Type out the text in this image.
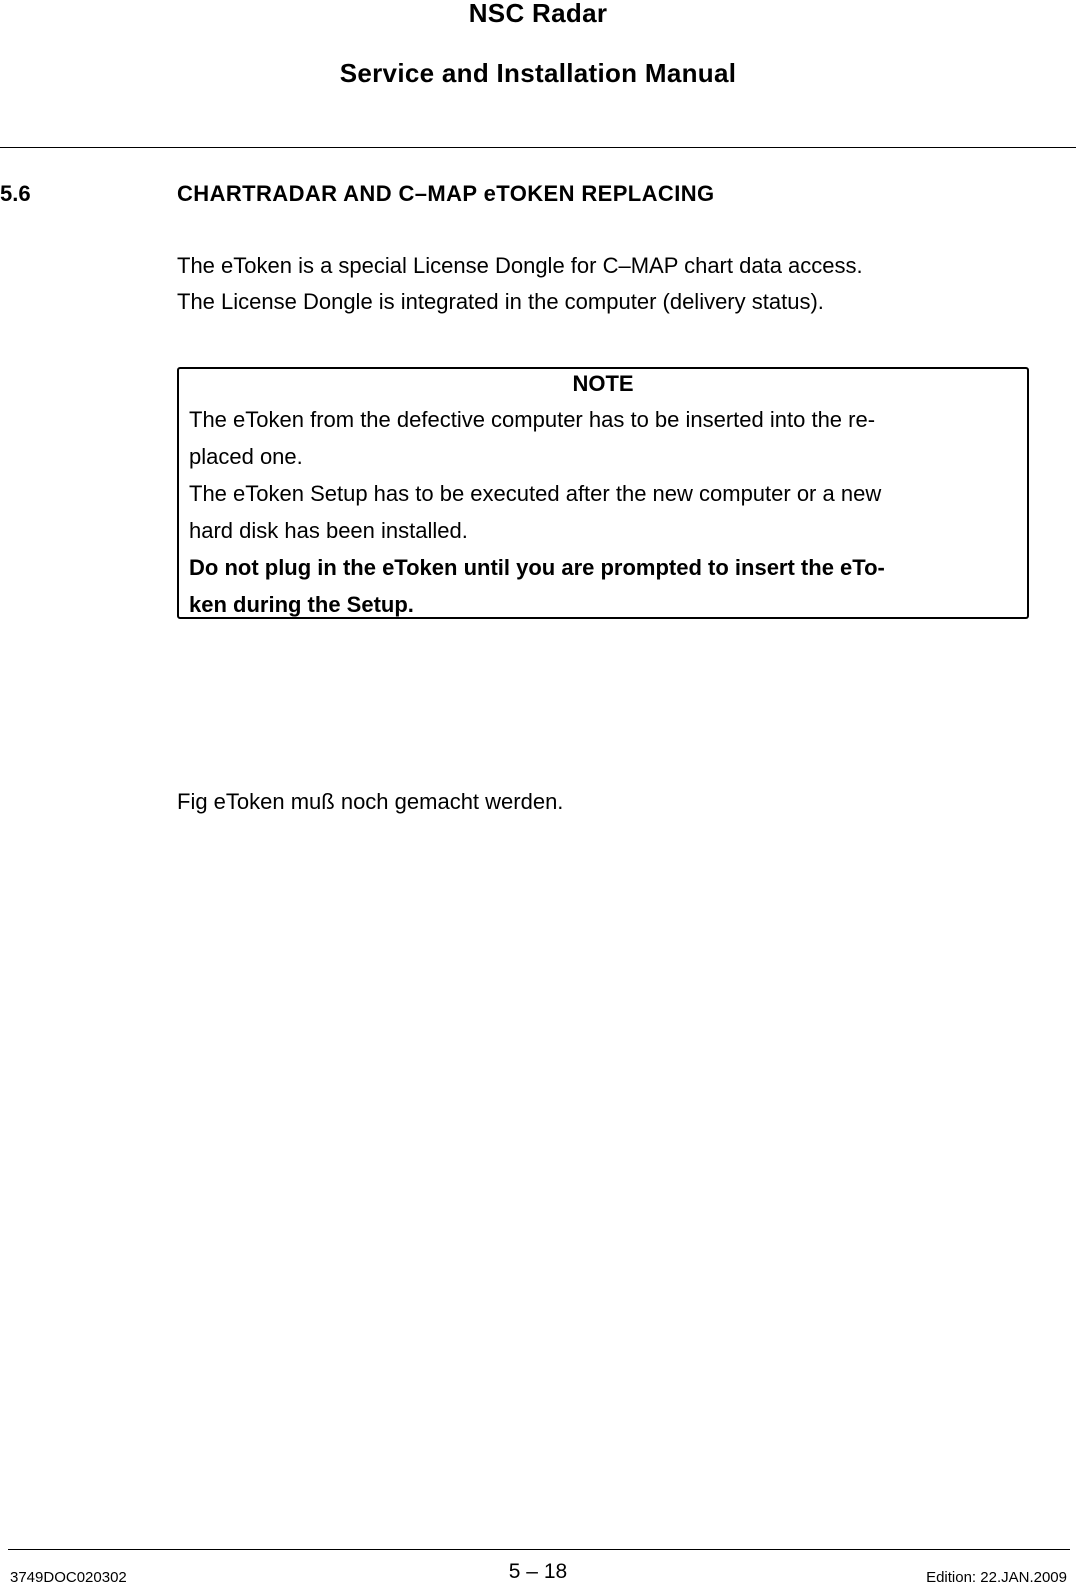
NSC Radar
Service and Installation Manual
5.6	CHARTRADAR AND C–MAP eTOKEN REPLACING
The eToken is a special License Dongle for C–MAP chart data access.
The License Dongle is integrated in the computer (delivery status).
NOTE
The eToken from the defective computer has to be inserted into the re-
placed one.
The eToken Setup has to be executed after the new computer or a new
hard disk has been installed.
Do not plug in the eToken until you are prompted to insert the eTo-
ken during the Setup.
Fig eToken muß noch gemacht werden.
3749DOC020302	5 – 18	Edition: 22.JAN.2009
